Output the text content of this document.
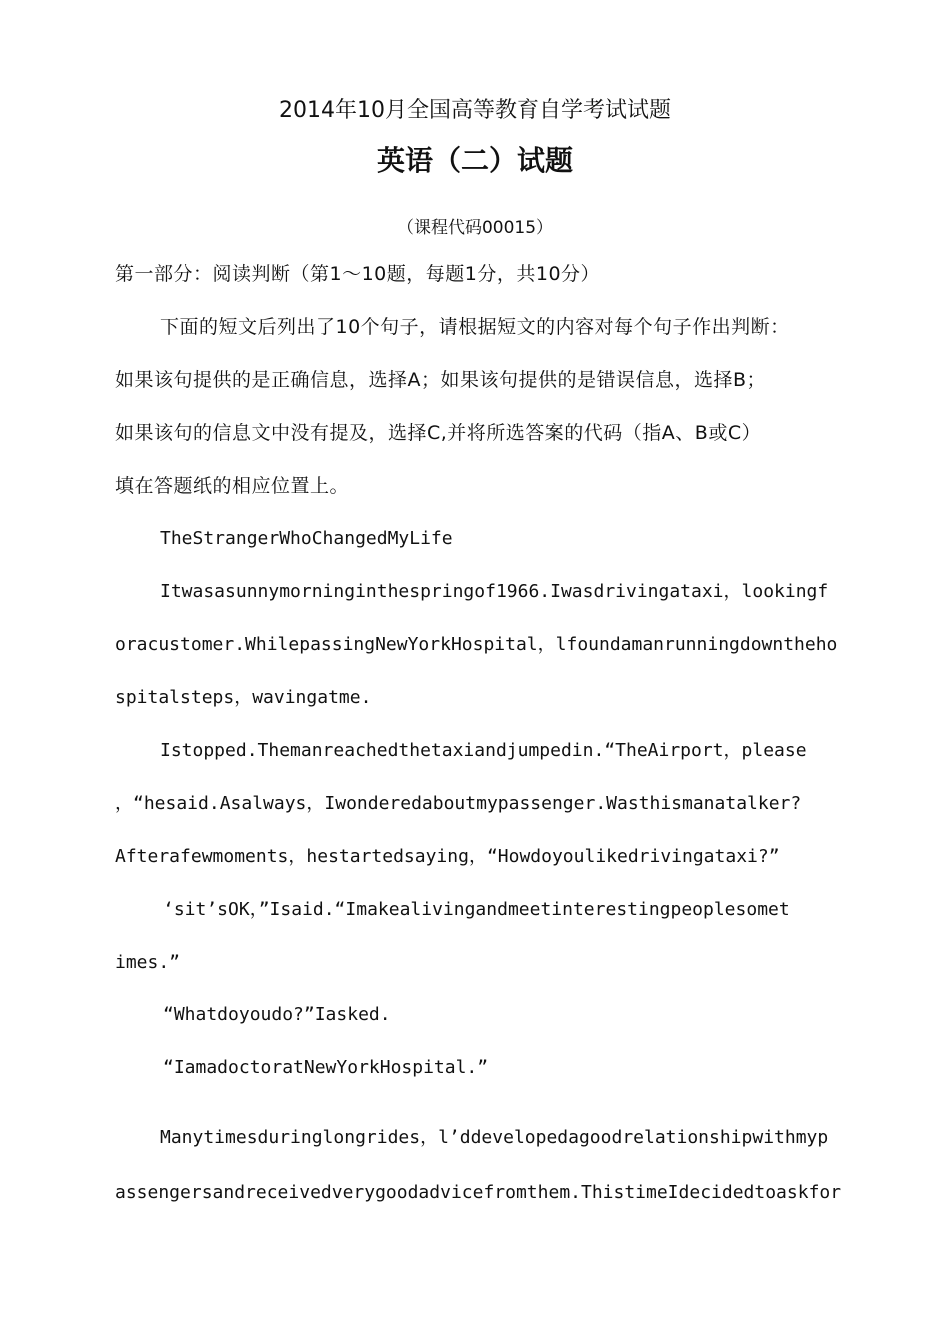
2014年10月全国高等教育自学考试试题
英语（二）试题
（课程代码00015）
第一部分：阅读判断（第1～10题，每题1分，共10分）
下面的短文后列出了10个句子，请根据短文的内容对每个句子作出判断：
如果该句提供的是正确信息，选择A；如果该句提供的是错误信息，选择B；
如果该句的信息文中没有提及，选择C,并将所选答案的代码（指A、B或C）
填在答题纸的相应位置上。
TheStrangerWhoChangedMyLife
Itwasasunnymorninginthespringof1966.Iwasdrivingataxi，lookingf
oracustomer.WhilepassingNewYorkHospital，lfoundamanrunningdowntheho
spitalsteps，wavingatme.
Istopped.Themanreachedthetaxiandjumpedin.“TheAirport，please
，“hesaid.Asalways，Iwonderedaboutmypassenger.Wasthismanatalker?
Afterafewmoments，hestartedsaying，“Howdoyoulikedrivingataxi?”
‘sit’sOK，”Isaid.“Imakealivingandmeetinterestingpeoplesomet
imes.”
“Whatdoyoudo?”Iasked.
“IamadoctoratNewYorkHospital.”
Manytimesduringlongrides，l’ddevelopedagoodrelationshipwithmyp
assengersandreceivedverygoodadvicefromthem.ThistimeIdecidedtoaskfor
